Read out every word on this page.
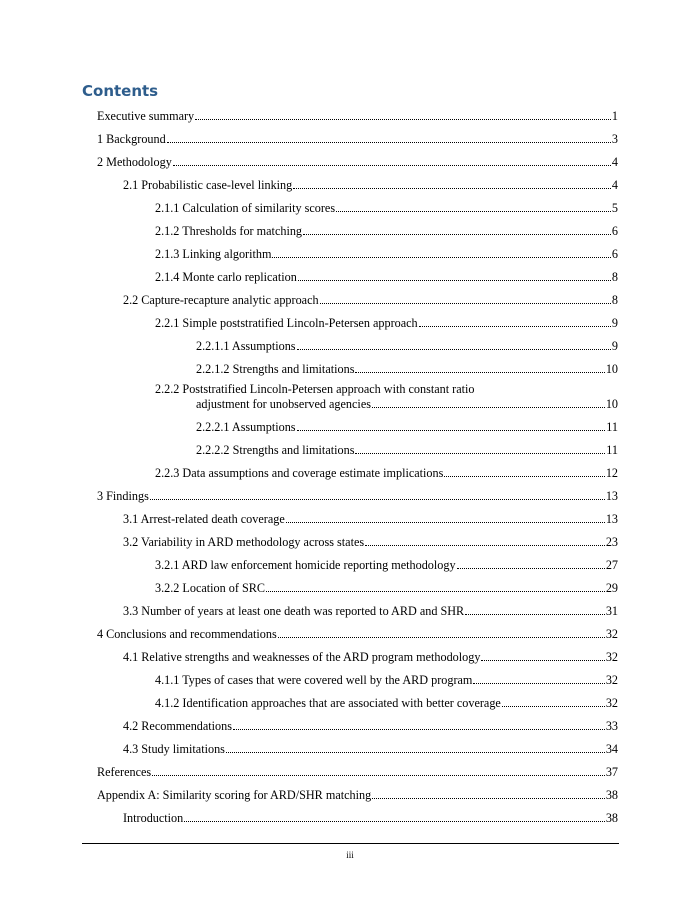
Contents
Executive summary	1
1 Background	3
2 Methodology	4
2.1 Probabilistic case-level linking	4
2.1.1 Calculation of similarity scores	5
2.1.2 Thresholds for matching	6
2.1.3 Linking algorithm	6
2.1.4 Monte carlo replication	8
2.2 Capture-recapture analytic approach	8
2.2.1 Simple poststratified Lincoln-Petersen approach	9
2.2.1.1 Assumptions	9
2.2.1.2 Strengths and limitations	10
2.2.2 Poststratified Lincoln-Petersen approach with constant ratio
adjustment for unobserved agencies	10
2.2.2.1 Assumptions	11
2.2.2.2 Strengths and limitations	11
2.2.3 Data assumptions and coverage estimate implications	12
3 Findings	13
3.1 Arrest-related death coverage	13
3.2 Variability in ARD methodology across states	23
3.2.1 ARD law enforcement homicide reporting methodology	27
3.2.2 Location of SRC	29
3.3 Number of years at least one death was reported to ARD and SHR	31
4 Conclusions and recommendations	32
4.1 Relative strengths and weaknesses of the ARD program methodology	32
4.1.1 Types of cases that were covered well by the ARD program	32
4.1.2 Identification approaches that are associated with better coverage	32
4.2 Recommendations	33
4.3 Study limitations	34
References	37
Appendix A: Similarity scoring for ARD/SHR matching	38
Introduction	38
iii
